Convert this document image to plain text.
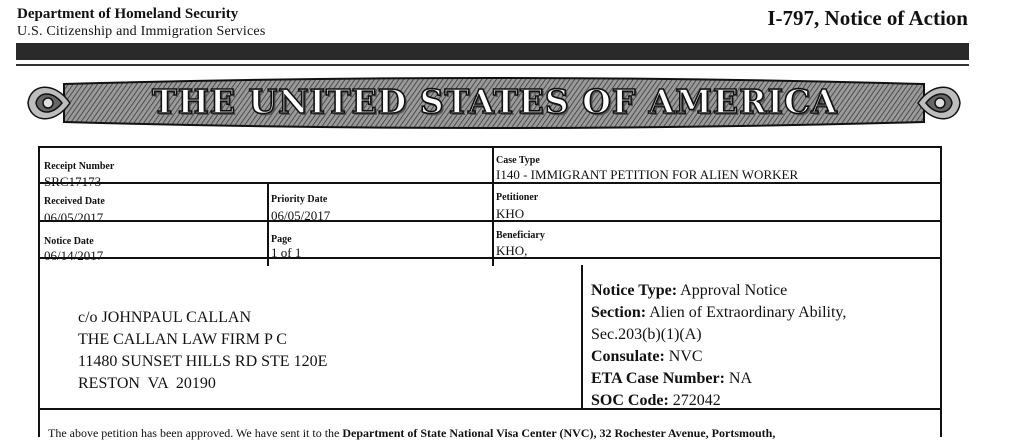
Department of Homeland Security
U.S. Citizenship and Immigration Services
I-797, Notice of Action
THE UNITED STATES OF AMERICA
Receipt Number
SRC17173
Case Type
I140 - IMMIGRANT PETITION FOR ALIEN WORKER
Received Date
06/05/2017
Priority Date
06/05/2017
Petitioner
KHO
Notice Date
06/14/2017
Page
1 of 1
Beneficiary
KHO,
c/o JOHNPAUL CALLAN
THE CALLAN LAW FIRM P C
11480 SUNSET HILLS RD STE 120E
RESTON  VA  20190
Notice Type: Approval Notice
Section: Alien of Extraordinary Ability,
Sec.203(b)(1)(A)
Consulate: NVC
ETA Case Number: NA
SOC Code: 272042
The above petition has been approved. We have sent it to the Department of State National Visa Center (NVC), 32 Rochester Avenue, Portsmouth,
